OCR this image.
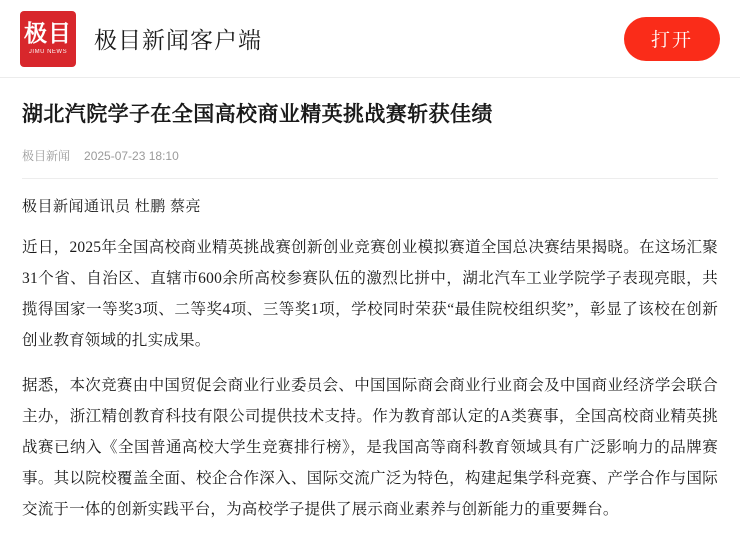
极目
JIMU NEWS 极目新闻客户端	打开
湖北汽院学子在全国高校商业精英挑战赛斩获佳绩
极目新闻 2025-07-23 18:10

极目新闻通讯员 杜鹏 蔡亮

近日，2025年全国高校商业精英挑战赛创新创业竞赛创业模拟赛道全国总决赛结果揭晓。在这场汇聚31个省、自治区、直辖市600余所高校参赛队伍的激烈比拼中，湖北汽车工业学院学子表现亮眼，共揽得国家一等奖3项、二等奖4项、三等奖1项，学校同时荣获“最佳院校组织奖”，彰显了该校在创新创业教育领域的扎实成果。

据悉，本次竞赛由中国贸促会商业行业委员会、中国国际商会商业行业商会及中国商业经济学会联合主办，浙江精创教育科技有限公司提供技术支持。作为教育部认定的A类赛事，全国高校商业精英挑战赛已纳入《全国普通高校大学生竞赛排行榜》，是我国高等商科教育领域具有广泛影响力的品牌赛事。其以院校覆盖全面、校企合作深入、国际交流广泛为特色，构建起集学科竞赛、产学合作与国际交流于一体的创新实践平台，为高校学子提供了展示商业素养与创新能力的重要舞台。
